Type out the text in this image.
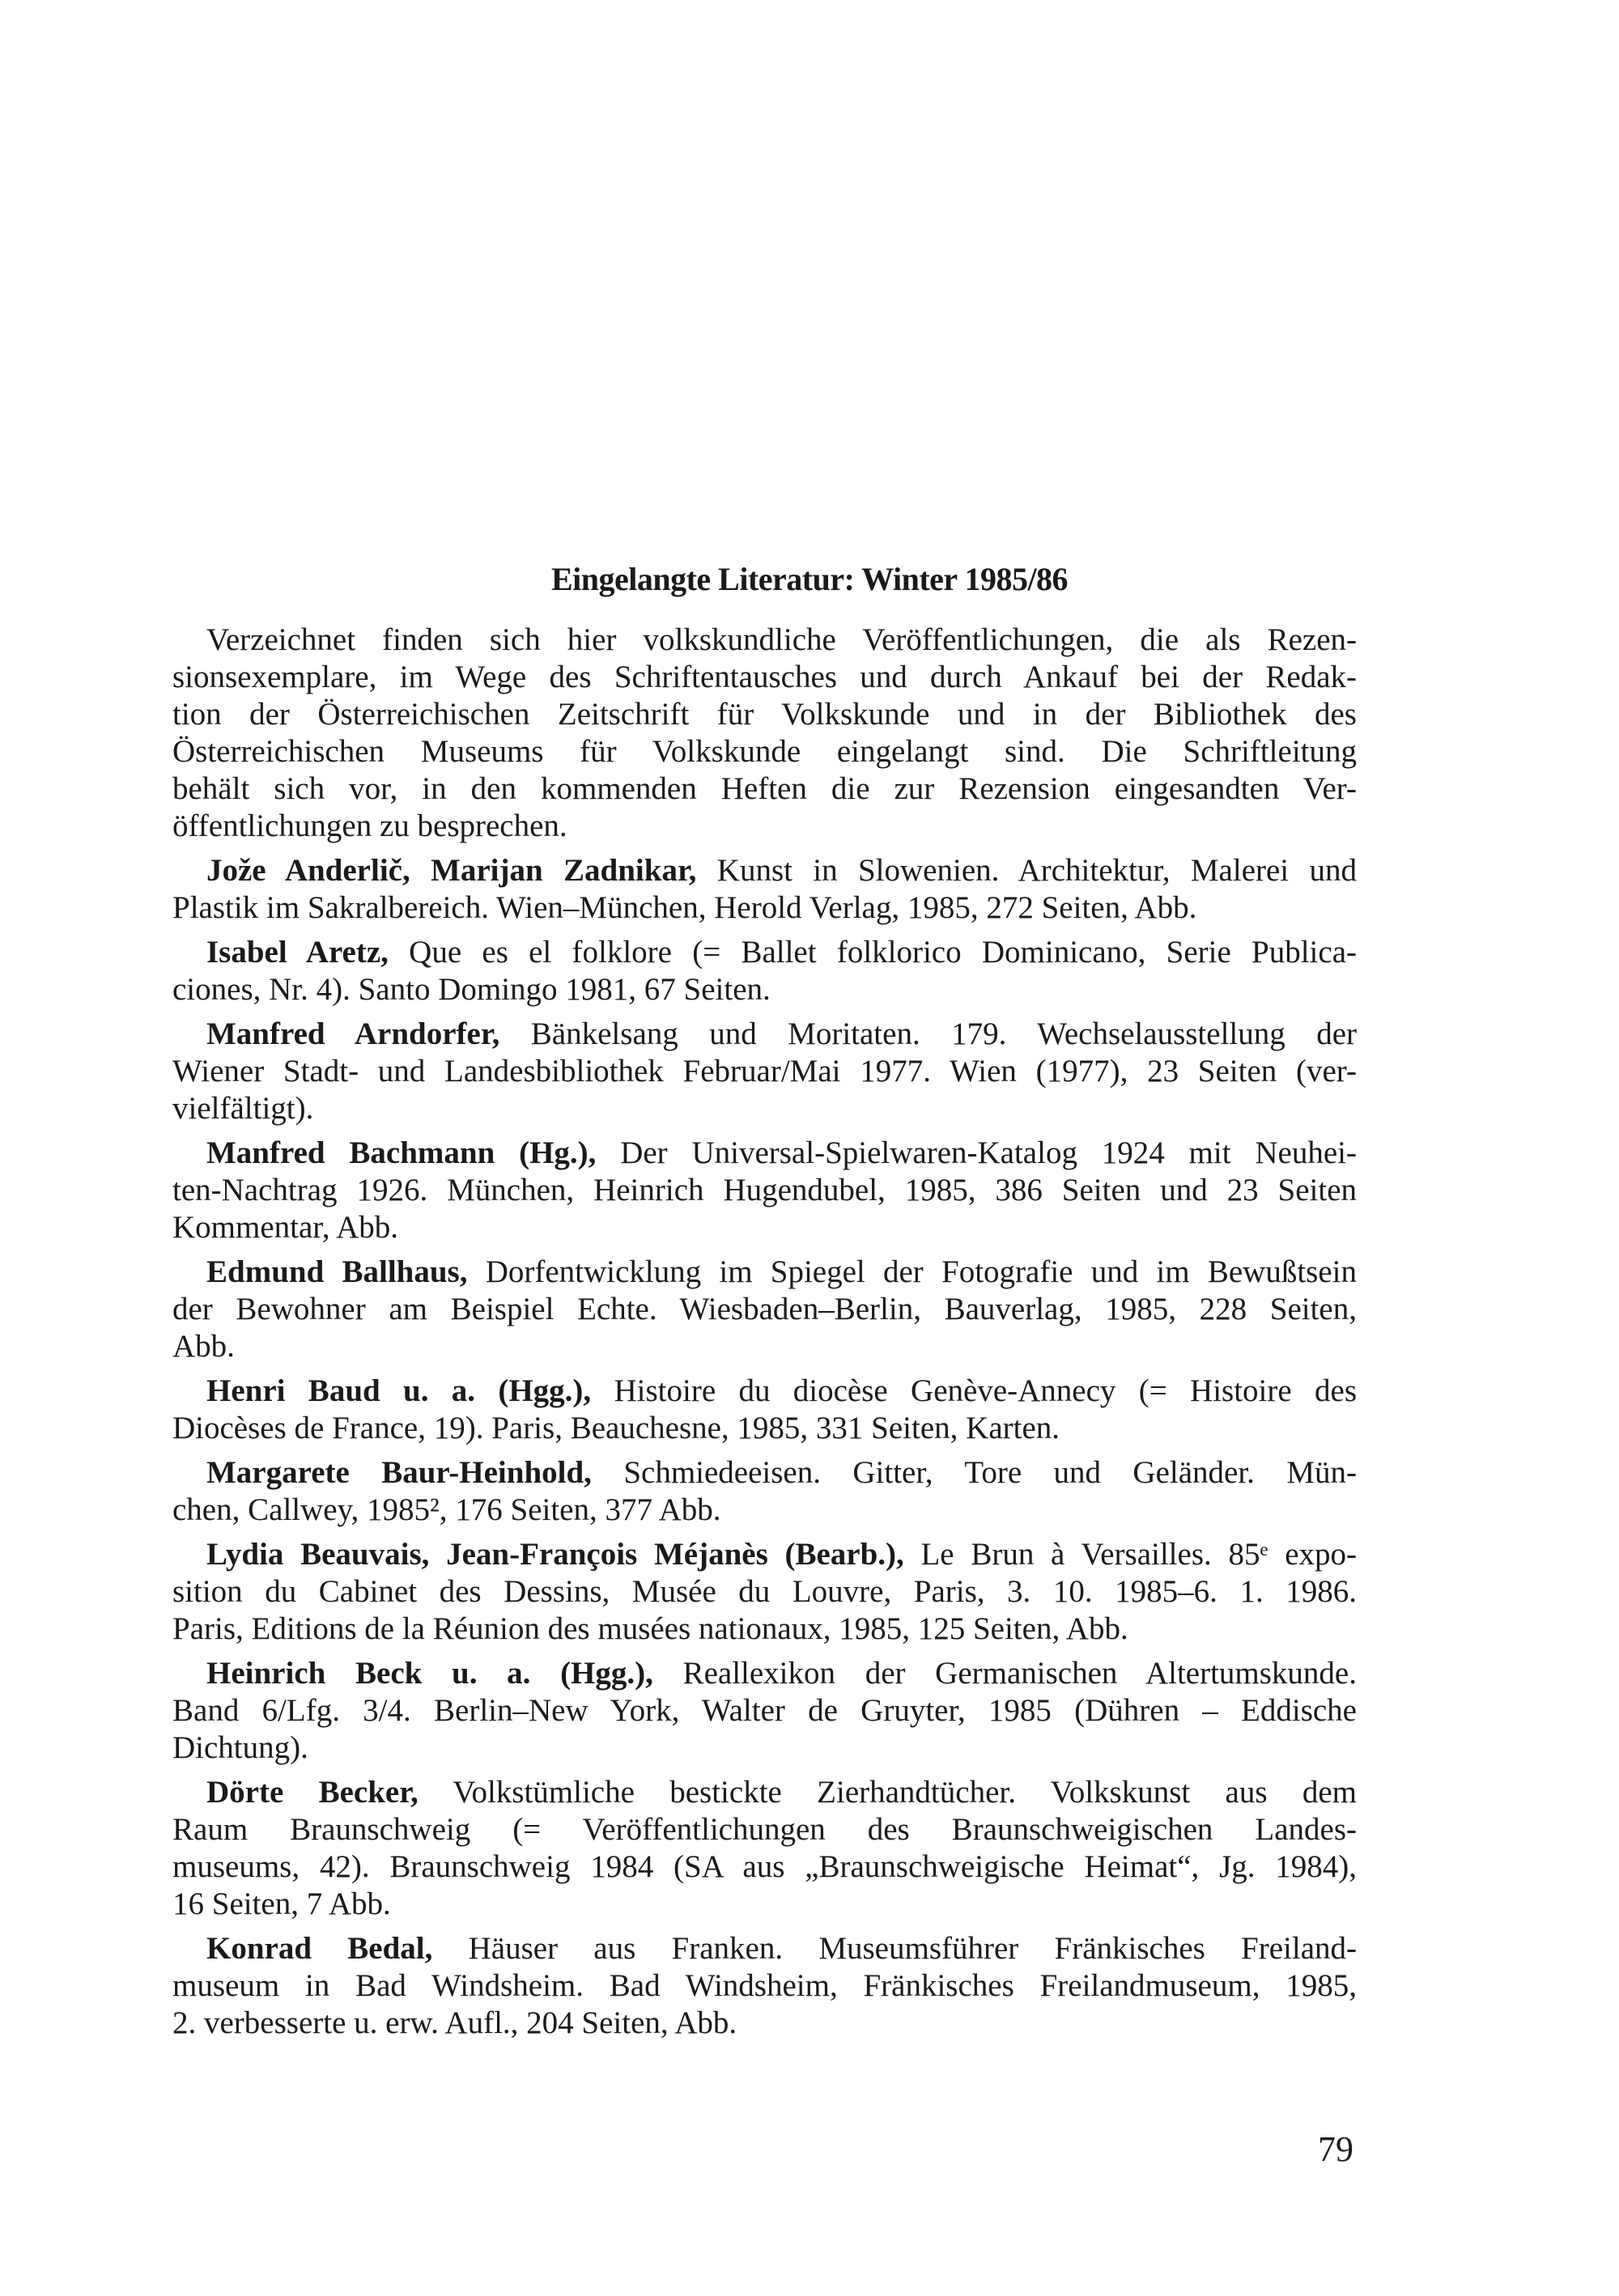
Eingelangte Literatur: Winter 1985/86
Verzeichnet finden sich hier volkskundliche Veröffentlichungen, die als Rezen-
sionsexemplare, im Wege des Schriftentausches und durch Ankauf bei der Redak-
tion der Österreichischen Zeitschrift für Volkskunde und in der Bibliothek des
Österreichischen Museums für Volkskunde eingelangt sind. Die Schriftleitung
behält sich vor, in den kommenden Heften die zur Rezension eingesandten Ver-
öffentlichungen zu besprechen.
Jože Anderlič, Marijan Zadnikar, Kunst in Slowenien. Architektur, Malerei und
Plastik im Sakralbereich. Wien–München, Herold Verlag, 1985, 272 Seiten, Abb.
Isabel Aretz, Que es el folklore (= Ballet folklorico Dominicano, Serie Publica-
ciones, Nr. 4). Santo Domingo 1981, 67 Seiten.
Manfred Arndorfer, Bänkelsang und Moritaten. 179. Wechselausstellung der
Wiener Stadt- und Landesbibliothek Februar/Mai 1977. Wien (1977), 23 Seiten (ver-
vielfältigt).
Manfred Bachmann (Hg.), Der Universal-Spielwaren-Katalog 1924 mit Neuhei-
ten-Nachtrag 1926. München, Heinrich Hugendubel, 1985, 386 Seiten und 23 Seiten
Kommentar, Abb.
Edmund Ballhaus, Dorfentwicklung im Spiegel der Fotografie und im Bewußtsein
der Bewohner am Beispiel Echte. Wiesbaden–Berlin, Bauverlag, 1985, 228 Seiten,
Abb.
Henri Baud u. a. (Hgg.), Histoire du diocèse Genève-Annecy (= Histoire des
Diocèses de France, 19). Paris, Beauchesne, 1985, 331 Seiten, Karten.
Margarete Baur-Heinhold, Schmiedeeisen. Gitter, Tore und Geländer. Mün-
chen, Callwey, 1985², 176 Seiten, 377 Abb.
Lydia Beauvais, Jean-François Méjanès (Bearb.), Le Brun à Versailles. 85ᵉ expo-
sition du Cabinet des Dessins, Musée du Louvre, Paris, 3. 10. 1985–6. 1. 1986.
Paris, Editions de la Réunion des musées nationaux, 1985, 125 Seiten, Abb.
Heinrich Beck u. a. (Hgg.), Reallexikon der Germanischen Altertumskunde.
Band 6/Lfg. 3/4. Berlin–New York, Walter de Gruyter, 1985 (Dühren – Eddische
Dichtung).
Dörte Becker, Volkstümliche bestickte Zierhandtücher. Volkskunst aus dem
Raum Braunschweig (= Veröffentlichungen des Braunschweigischen Landes-
museums, 42). Braunschweig 1984 (SA aus „Braunschweigische Heimat“, Jg. 1984),
16 Seiten, 7 Abb.
Konrad Bedal, Häuser aus Franken. Museumsführer Fränkisches Freiland-
museum in Bad Windsheim. Bad Windsheim, Fränkisches Freilandmuseum, 1985,
2. verbesserte u. erw. Aufl., 204 Seiten, Abb.
79
